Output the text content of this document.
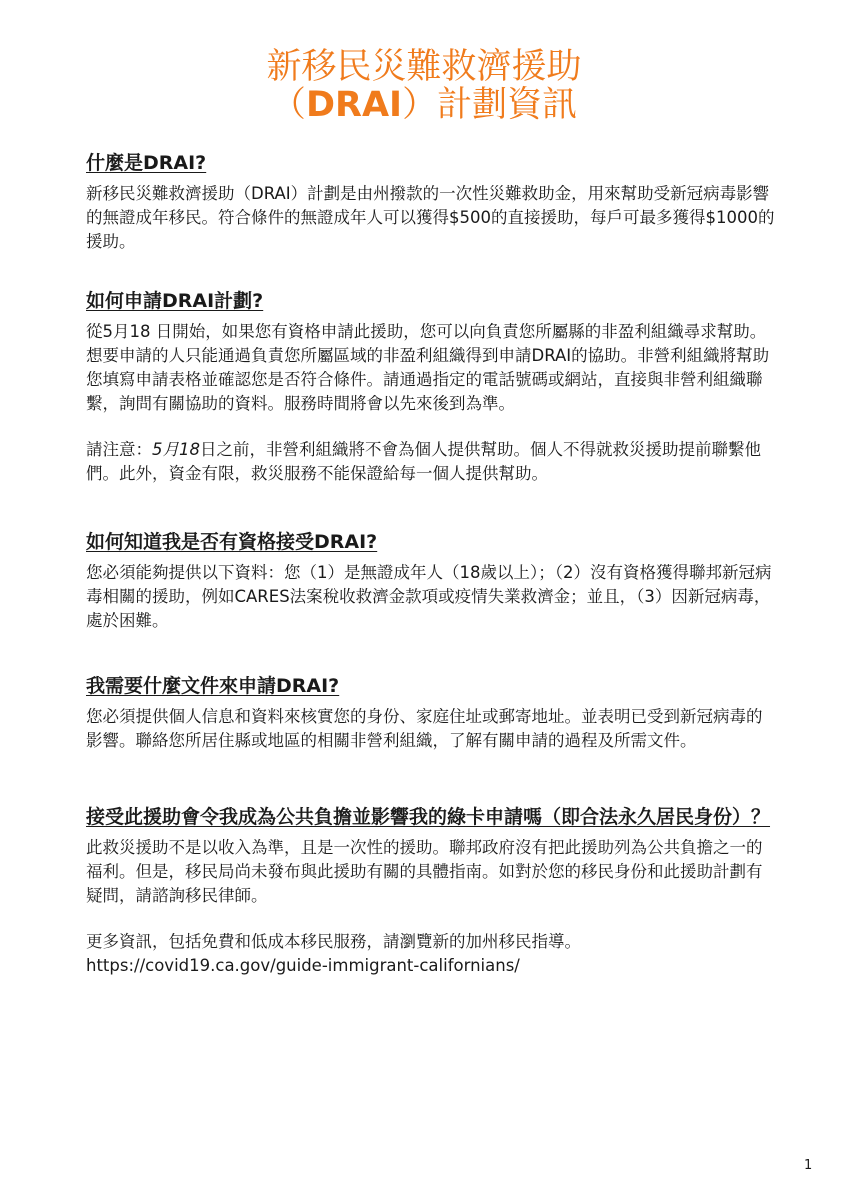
新移民災難救濟援助
（DRAI）計劃資訊
什麼是DRAI?

新移民災難救濟援助（DRAI）計劃是由州撥款的一次性災難救助金，用來幫助受新冠病毒影響的無證成年移民。符合條件的無證成年人可以獲得$500的直接援助，每戶可最多獲得$1000的援助。

如何申請DRAI計劃?

從5月18 日開始，如果您有資格申請此援助，您可以向負責您所屬縣的非盈利組織尋求幫助。想要申請的人只能通過負責您所屬區域的非盈利組織得到申請DRAI的協助。非營利組織將幫助您填寫申請表格並確認您是否符合條件。請通過指定的電話號碼或網站，直接與非營利組織聯繫，詢問有關協助的資料。服務時間將會以先來後到為準。

請注意：5月18日之前，非營利組織將不會為個人提供幫助。個人不得就救災援助提前聯繫他們。此外，資金有限，救災服務不能保證給每一個人提供幫助。

如何知道我是否有資格接受DRAI?

您必須能夠提供以下資料：您（1）是無證成年人（18歲以上）；（2）沒有資格獲得聯邦新冠病毒相關的援助，例如CARES法案稅收救濟金款項或疫情失業救濟金；並且，（3）因新冠病毒，處於困難。

我需要什麼文件來申請DRAI?

您必須提供個人信息和資料來核實您的身份、家庭住址或郵寄地址。並表明已受到新冠病毒的影響。聯絡您所居住縣或地區的相關非營利組織，了解有關申請的過程及所需文件。

接受此援助會令我成為公共負擔並影響我的綠卡申請嗎（即合法永久居民身份）？

此救災援助不是以收入為準，且是一次性的援助。聯邦政府沒有把此援助列為公共負擔之一的福利。但是，移民局尚未發布與此援助有關的具體指南。如對於您的移民身份和此援助計劃有疑問，請諮詢移民律師。

更多資訊，包括免費和低成本移民服務，請瀏覽新的加州移民指導。

https://covid19.ca.gov/guide-immigrant-californians/
1
